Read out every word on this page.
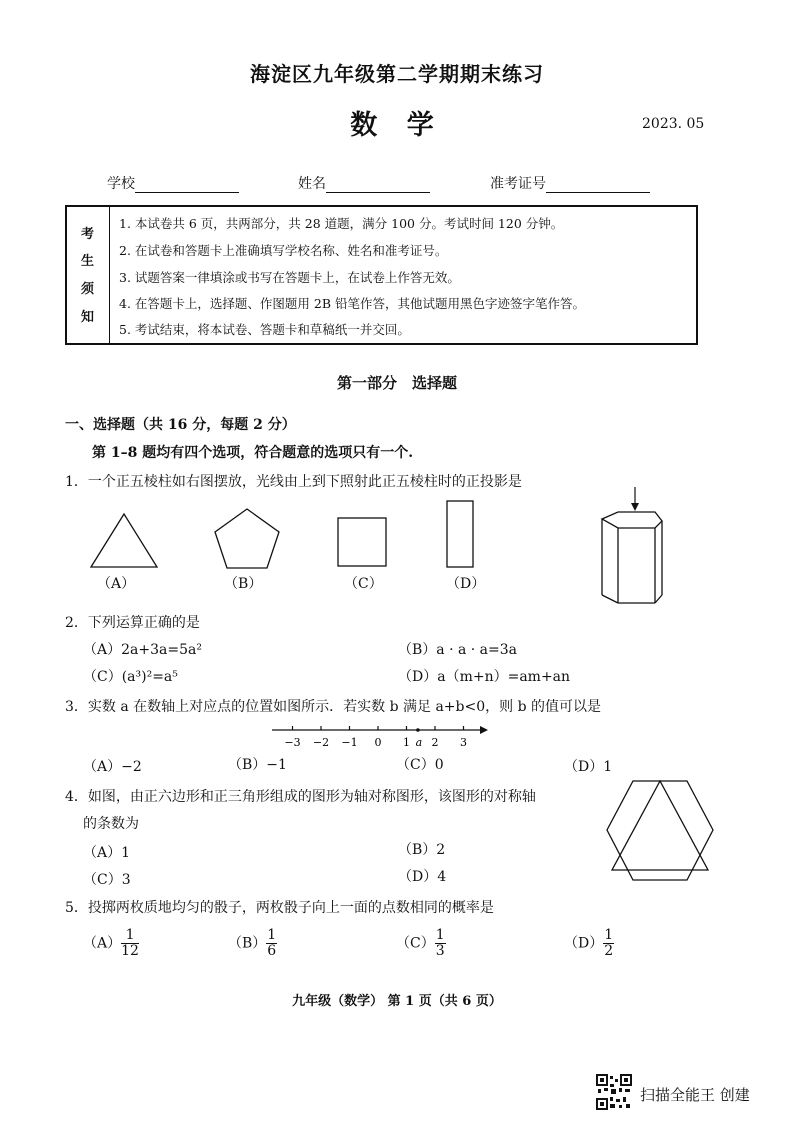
海淀区九年级第二学期期末练习
数 学	2023. 05
学校	姓名	准考证号
考
生
须
知
1. 本试卷共 6 页，共两部分，共 28 道题，满分 100 分。考试时间 120 分钟。
2. 在试卷和答题卡上准确填写学校名称、姓名和准考证号。
3. 试题答案一律填涂或书写在答题卡上，在试卷上作答无效。
4. 在答题卡上，选择题、作图题用 2B 铅笔作答，其他试题用黑色字迹签字笔作答。
5. 考试结束，将本试卷、答题卡和草稿纸一并交回。
第一部分　选择题
一、选择题（共 16 分，每题 2 分）
第 1–8 题均有四个选项，符合题意的选项只有一个.
1．一个正五棱柱如右图摆放，光线由上到下照射此正五棱柱时的正投影是
（A）	（B）	（C）	（D）
2．下列运算正确的是
（A）2a+3a=5a²	（B）a · a · a=3a
（C）(a³)²=a⁵	（D）a（m+n）=am+an
3．实数 a 在数轴上对应点的位置如图所示．若实数 b 满足 a+b<0，则 b 的值可以是
−3 −2 −1 0 1 2 3
a
（A）−2	（B）−1	（C）0	（D）1
4．如图，由正六边形和正三角形组成的图形为轴对称图形，该图形的对称轴
的条数为
（A）1	（B）2
（C）3	（D）4
5．投掷两枚质地均匀的骰子，两枚骰子向上一面的点数相同的概率是
$(A) \frac{1}{12}$	$(B) \frac{1}{6}$	$(C) \frac{1}{3}$	$(D) \frac{1}{2}$
九年级（数学） 第 1 页（共 6 页）
扫描全能王 创建
